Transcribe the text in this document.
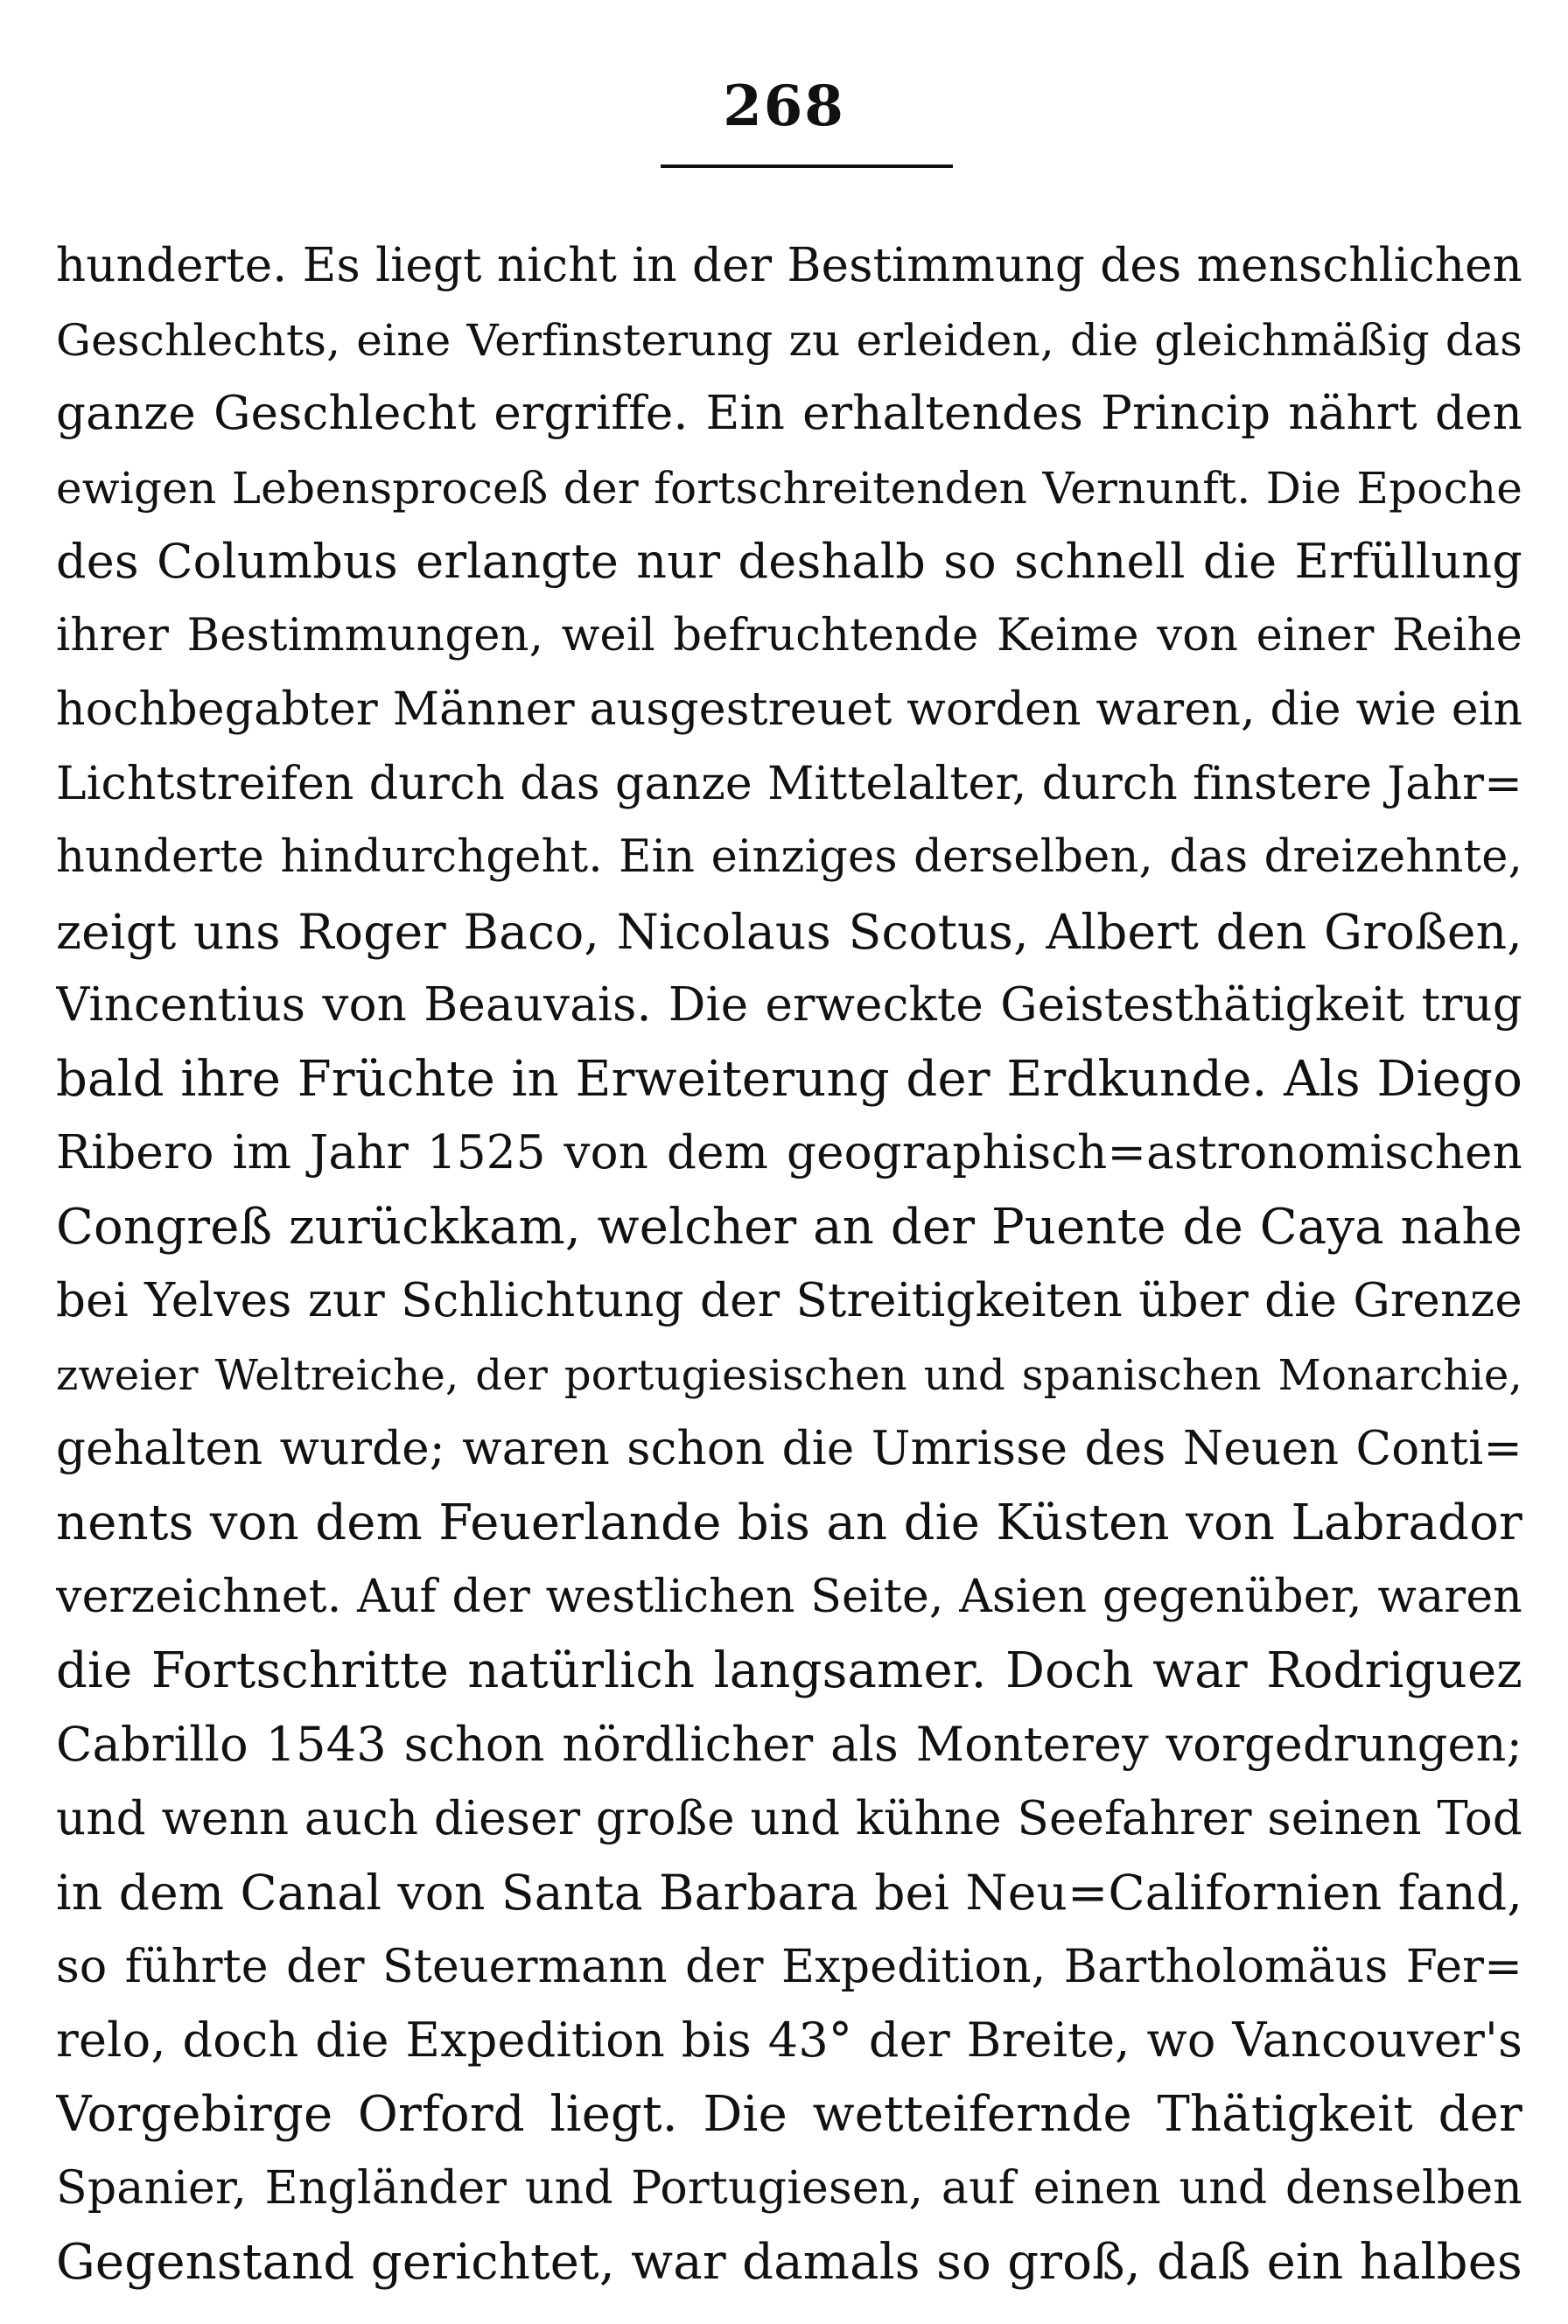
268
hunderte. Es liegt nicht in der Bestimmung des menschlichen
Geschlechts, eine Verfinsterung zu erleiden, die gleichmäßig das
ganze Geschlecht ergriffe. Ein erhaltendes Princip nährt den
ewigen Lebensproceß der fortschreitenden Vernunft. Die Epoche
des Columbus erlangte nur deshalb so schnell die Erfüllung
ihrer Bestimmungen, weil befruchtende Keime von einer Reihe
hochbegabter Männer ausgestreuet worden waren, die wie ein
Lichtstreifen durch das ganze Mittelalter, durch finstere Jahr=
hunderte hindurchgeht. Ein einziges derselben, das dreizehnte,
zeigt uns Roger Baco, Nicolaus Scotus, Albert den Großen,
Vincentius von Beauvais. Die erweckte Geistesthätigkeit trug
bald ihre Früchte in Erweiterung der Erdkunde. Als Diego
Ribero im Jahr 1525 von dem geographisch=astronomischen
Congreß zurückkam, welcher an der Puente de Caya nahe
bei Yelves zur Schlichtung der Streitigkeiten über die Grenze
zweier Weltreiche, der portugiesischen und spanischen Monarchie,
gehalten wurde; waren schon die Umrisse des Neuen Conti=
nents von dem Feuerlande bis an die Küsten von Labrador
verzeichnet. Auf der westlichen Seite, Asien gegenüber, waren
die Fortschritte natürlich langsamer. Doch war Rodriguez
Cabrillo 1543 schon nördlicher als Monterey vorgedrungen;
und wenn auch dieser große und kühne Seefahrer seinen Tod
in dem Canal von Santa Barbara bei Neu=Californien fand,
so führte der Steuermann der Expedition, Bartholomäus Fer=
relo, doch die Expedition bis 43° der Breite, wo Vancouver's
Vorgebirge Orford liegt. Die wetteifernde Thätigkeit der
Spanier, Engländer und Portugiesen, auf einen und denselben
Gegenstand gerichtet, war damals so groß, daß ein halbes
